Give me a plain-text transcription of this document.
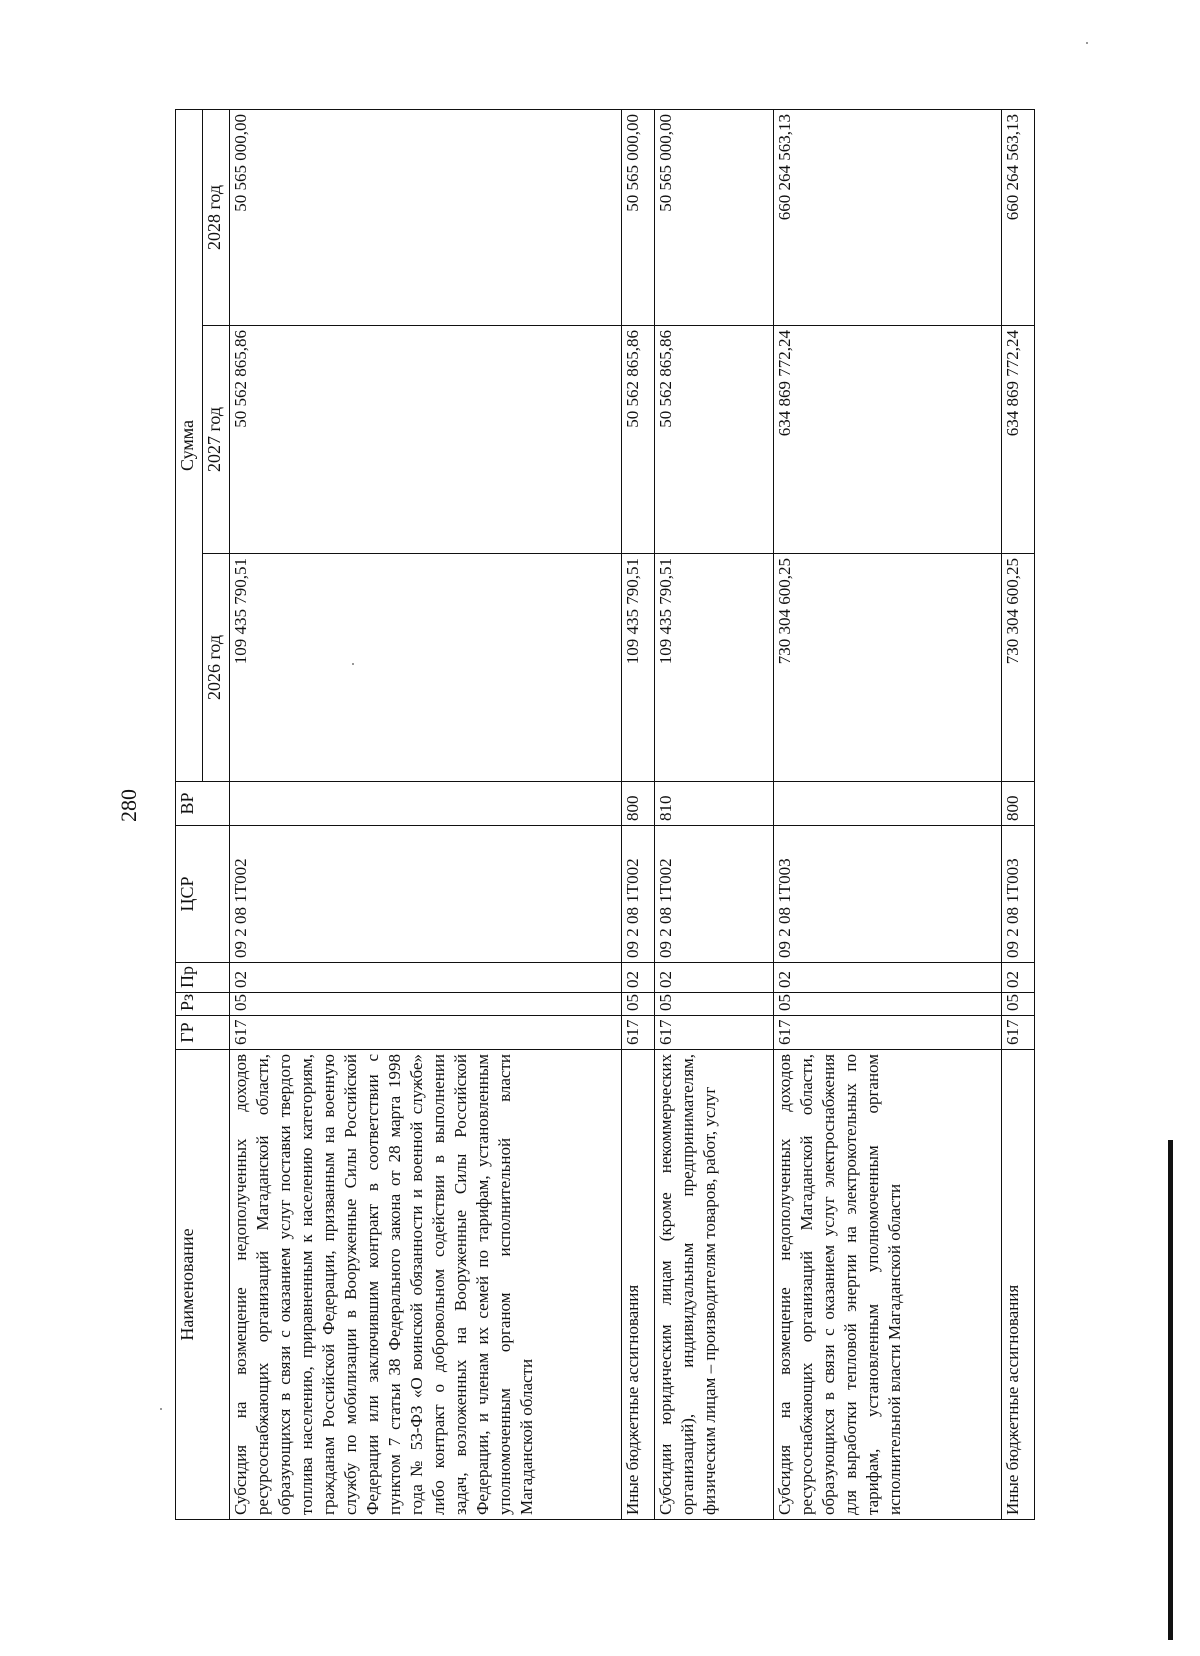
280
Наименование	ГР	Рз	Пр	ЦСР	ВР	Сумма		
						2026 год	2027 год	2028 год
Субсидия на возмещение недополученных доходов ресурсоснабжающих организаций Магаданской области, образующихся в связи с оказанием услуг поставки твердого топлива населению, приравненным к населению категориям, гражданам Российской Федерации, призванным на военную службу по мобилизации в Вооруженные Силы Российской Федерации или заключившим контракт в соответствии с пунктом 7 статьи 38 Федерального закона от 28 марта 1998 года № 53-ФЗ «О воинской обязанности и военной службе» либо контракт о добровольном содействии в выполнении задач, возложенных на Вооруженные Силы Российской Федерации, и членам их семей по тарифам, установленным уполномоченным органом исполнительной власти Магаданской области	617	05	02	09 2 08 1Т002		109 435 790,51	50 562 865,86	50 565 000,00
Иные бюджетные ассигнования	617	05	02	09 2 08 1Т002	800	109 435 790,51	50 562 865,86	50 565 000,00
Субсидии юридическим лицам (кроме некоммерческих организаций), индивидуальным предпринимателям, физическим лицам – производителям товаров, работ, услуг	617	05	02	09 2 08 1Т002	810	109 435 790,51	50 562 865,86	50 565 000,00
Субсидия на возмещение недополученных доходов ресурсоснабжающих организаций Магаданской области, образующихся в связи с оказанием услуг электроснабжения для выработки тепловой энергии на электрокотельных по тарифам, установленным уполномоченным органом исполнительной власти Магаданской области	617	05	02	09 2 08 1Т003		730 304 600,25	634 869 772,24	660 264 563,13
Иные бюджетные ассигнования	617	05	02	09 2 08 1Т003	800	730 304 600,25	634 869 772,24	660 264 563,13
